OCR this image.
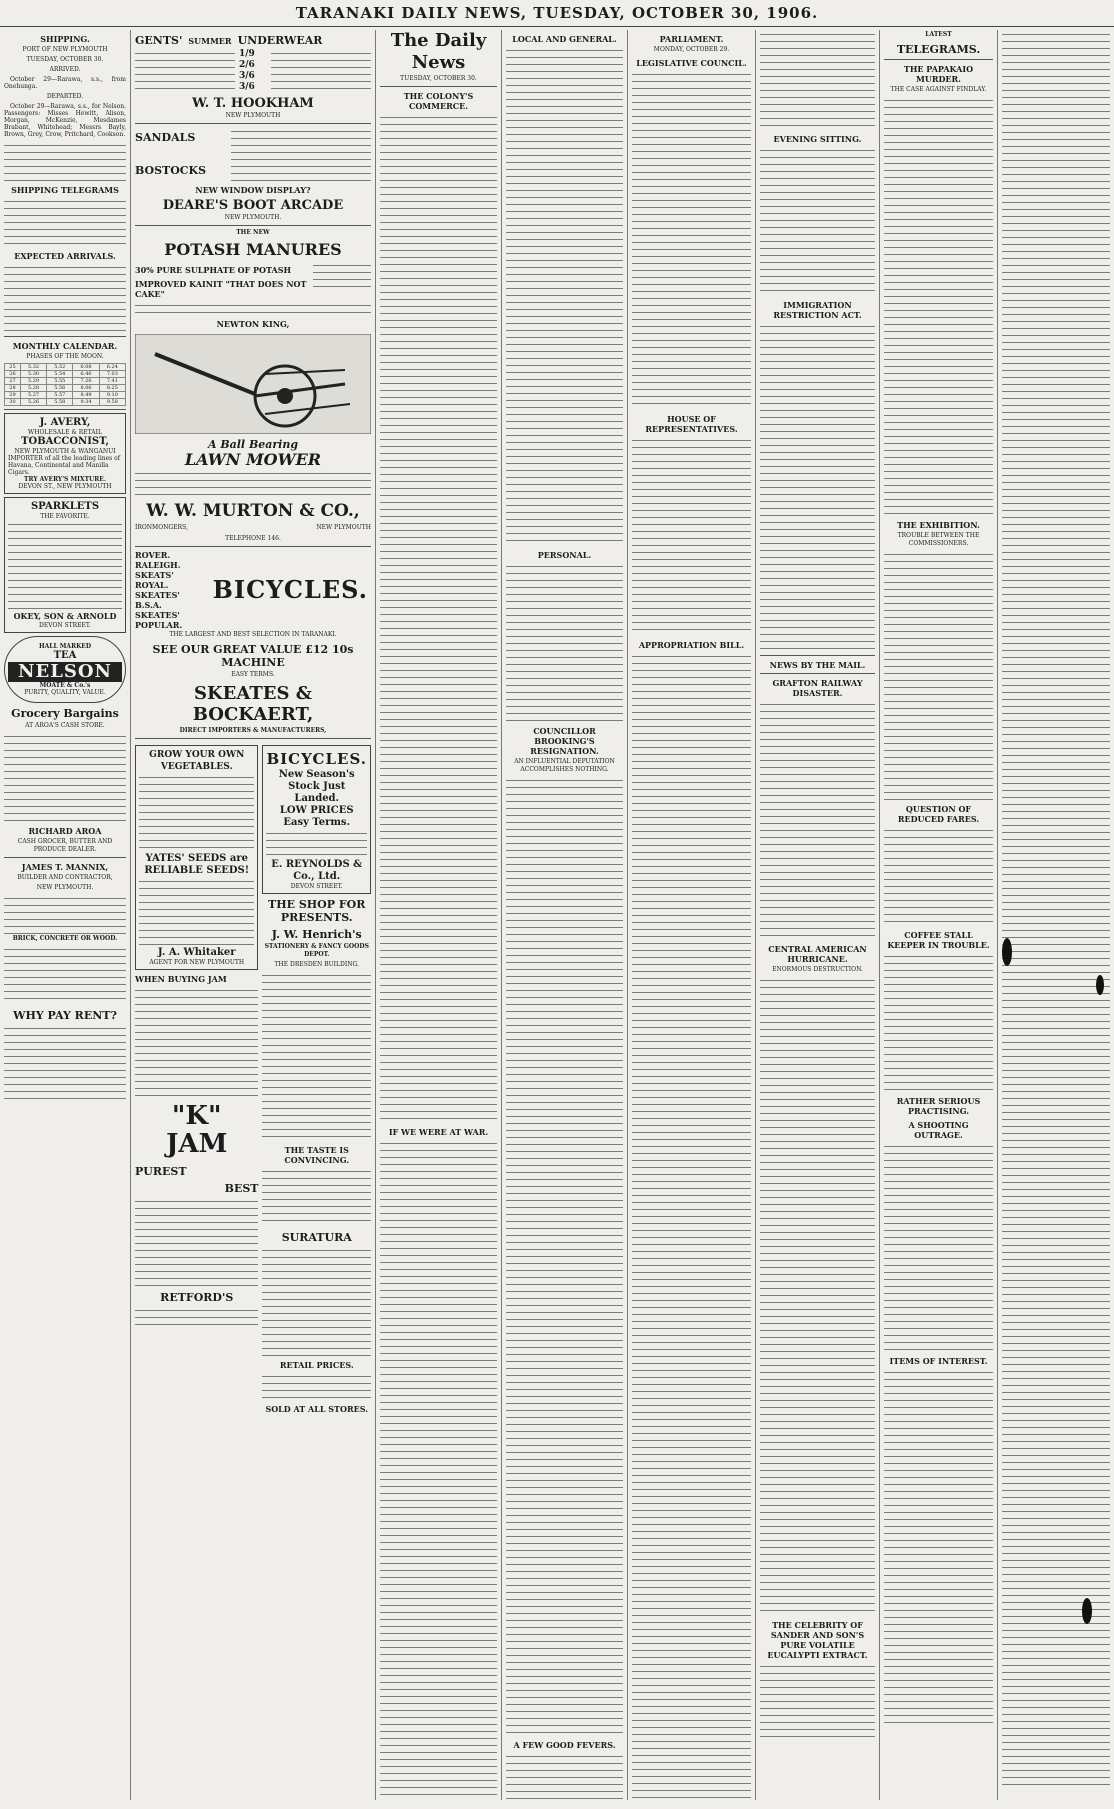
TARANAKI DAILY NEWS, TUESDAY, OCTOBER 30, 1906.
SHIPPING.
PORT OF NEW PLYMOUTH
TUESDAY, OCTOBER 30.
ARRIVED.
October 29—Rarawa, s.s., from Onehunga.
DEPARTED.
October 29—Rarawa, s.s., for Nelson. Passengers: Misses Hewitt, Alison, Morgan, McKenzie, Mesdames Brabant, Whitehead; Messrs Bayly, Brown, Grey, Crow, Pritchard, Cookson.
SHIPPING TELEGRAMS
EXPECTED ARRIVALS.
MONTHLY CALENDAR.
PHASES OF THE MOON.
25	5.32	5.52	6.08	6.24
26	5.30	5.54	6.46	7.03
27	5.29	5.55	7.26	7.41
28	5.28	5.56	8.06	8.25
29	5.27	5.57	8.49	9.10
30	5.26	5.58	9.34	9.58
J. AVERY,
WHOLESALE & RETAIL
TOBACCONIST,
NEW PLYMOUTH & WANGANUI
IMPORTER of all the leading lines of Havana, Continental and Manilla Cigars.
TRY AVERY'S MIXTURE.
DEVON ST., NEW PLYMOUTH
SPARKLETS
THE FAVORITE.
OKEY, SON & ARNOLD
DEVON STREET.
HALL MARKED
TEA
NELSON
MOATE & Co.'s
PURITY, QUALITY, VALUE.
Grocery Bargains
AT AROA'S CASH STORE.
RICHARD AROA
CASH GROCER, BUTTER AND PRODUCE DEALER.
JAMES T. MANNIX,
BUILDER AND CONTRACTOR,
NEW PLYMOUTH.
BRICK, CONCRETE OR WOOD.
WHY PAY RENT?
GENTS' SUMMER UNDERWEAR
1/9
2/6
3/6
3/6
W. T. HOOKHAM
NEW PLYMOUTH
SANDALS
BOSTOCKS
NEW WINDOW DISPLAY?
DEARE'S BOOT ARCADE
NEW PLYMOUTH.
THE NEW
POTASH MANURES
30% PURE SULPHATE OF POTASH
IMPROVED KAINIT "THAT DOES NOT CAKE"
NEWTON KING,
A Ball Bearing
LAWN MOWER
W. W. MURTON & CO.,
IRONMONGERS,	NEW PLYMOUTH
TELEPHONE 146.
ROVER.
RALEIGH.
SKEATS' ROYAL.
SKEATES' B.S.A.
SKEATES' POPULAR.
BICYCLES.
THE LARGEST AND BEST SELECTION IN TARANAKI.
SEE OUR GREAT VALUE £12 10s MACHINE
EASY TERMS.
SKEATES & BOCKAERT,
DIRECT IMPORTERS & MANUFACTURERS,
GROW YOUR OWN VEGETABLES.
YATES' SEEDS are RELIABLE SEEDS!
J. A. Whitaker
AGENT FOR NEW PLYMOUTH
WHEN BUYING JAM
"K" JAM
PUREST
BEST
RETFORD'S
BICYCLES.
New Season's Stock Just Landed.
LOW PRICES
Easy Terms.
E. REYNOLDS & Co., Ltd.
DEVON STREET.
THE SHOP FOR PRESENTS.
J. W. Henrich's
STATIONERY & FANCY GOODS DEPOT.
THE DRESDEN BUILDING.
THE TASTE IS CONVINCING.
SURATURA
RETAIL PRICES.
SOLD AT ALL STORES.
The Daily News
TUESDAY, OCTOBER 30.
THE COLONY'S COMMERCE.
IF WE WERE AT WAR.
LOCAL AND GENERAL.
PERSONAL.
COUNCILLOR BROOKING'S RESIGNATION.
AN INFLUENTIAL DEPUTATION ACCOMPLISHES NOTHING.
A FEW GOOD FEVERS.
PARLIAMENT.
MONDAY, OCTOBER 29.
LEGISLATIVE COUNCIL.
HOUSE OF REPRESENTATIVES.
APPROPRIATION BILL.
EVENING SITTING.
IMMIGRATION RESTRICTION ACT.
NEWS BY THE MAIL.
GRAFTON RAILWAY DISASTER.
CENTRAL AMERICAN HURRICANE.
ENORMOUS DESTRUCTION.
THE CELEBRITY OF SANDER AND SON'S PURE VOLATILE EUCALYPTI EXTRACT.
LATEST
TELEGRAMS.
THE PAPAKAIO MURDER.
THE CASE AGAINST FINDLAY.
THE EXHIBITION.
TROUBLE BETWEEN THE COMMISSIONERS.
QUESTION OF REDUCED FARES.
COFFEE STALL KEEPER IN TROUBLE.
RATHER SERIOUS PRACTISING.
A SHOOTING OUTRAGE.
ITEMS OF INTEREST.
